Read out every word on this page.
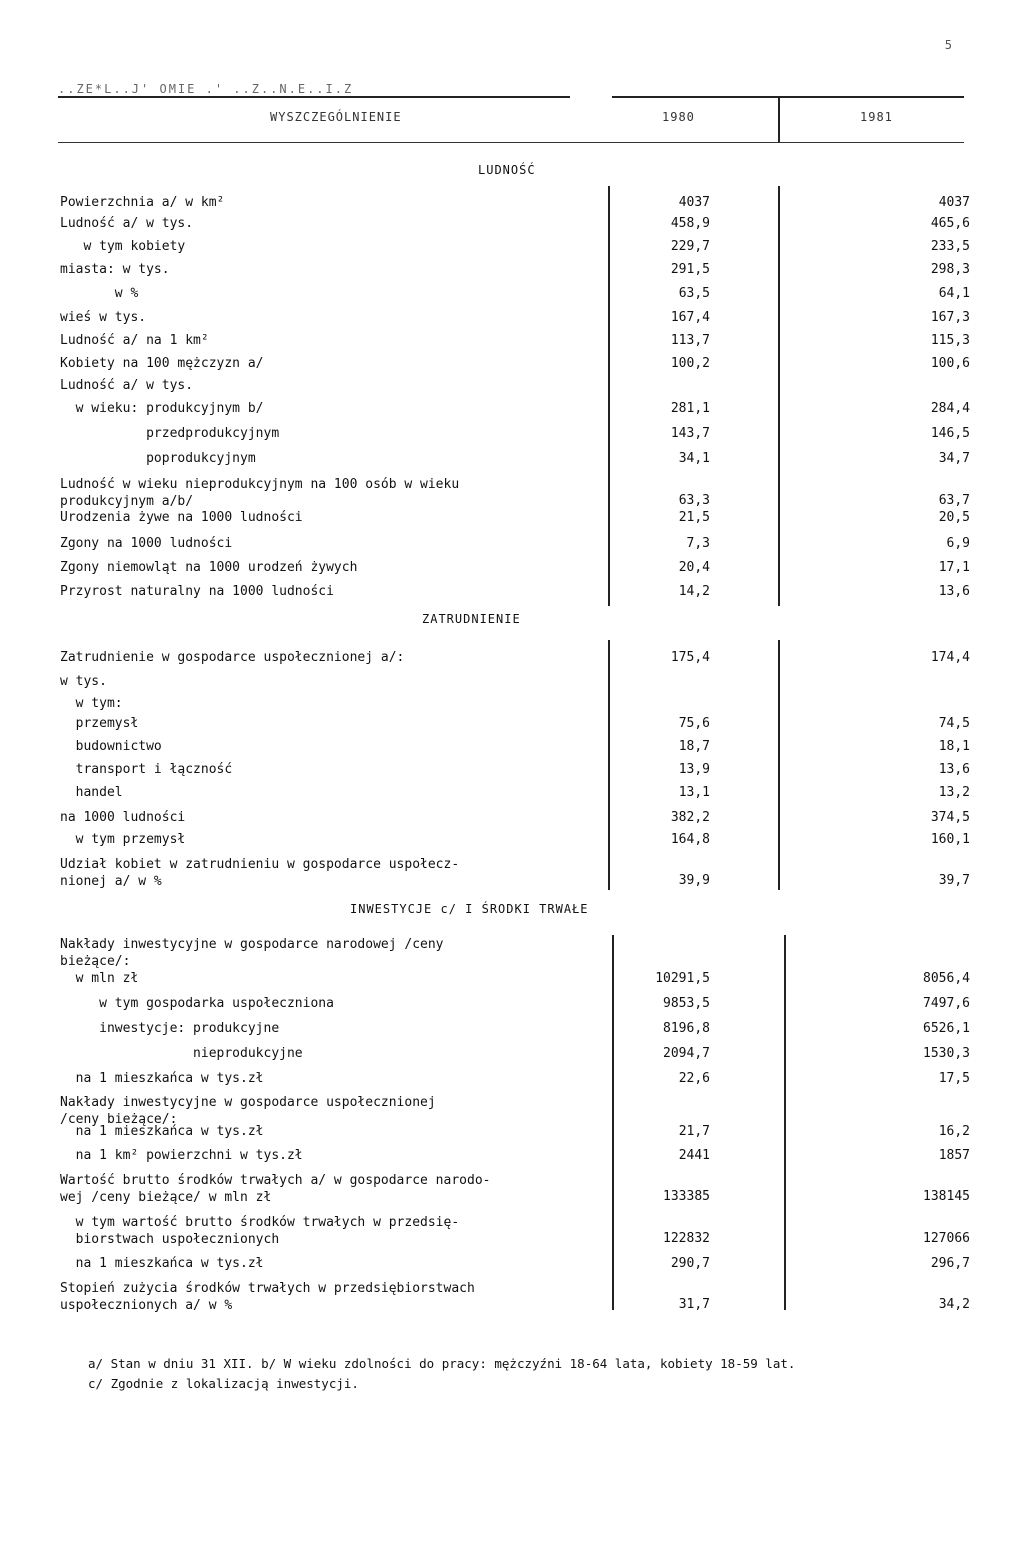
5
..ZE*L..J' OMIE .' ..Z..N.E..I.Z
WYSZCZEGÓLNIENIE	1980	1981
LUDNOŚĆ
Powierzchnia a/ w km²	4037	4037
Ludność a/ w tys.	458,9	465,6
w tym kobiety	229,7	233,5
miasta: w tys.	291,5	298,3
w %	63,5	64,1
wieś w tys.	167,4	167,3
Ludność a/ na 1 km²	113,7	115,3
Kobiety na 100 mężczyzn a/	100,2	100,6
Ludność a/ w tys.
w wieku: produkcyjnym b/	281,1	284,4
przedprodukcyjnym	143,7	146,5
poprodukcyjnym	34,1	34,7
Ludność w wieku nieprodukcyjnym na 100 osób w wieku
produkcyjnym a/b/	63,3	63,7
Urodzenia żywe na 1000 ludności	21,5	20,5
Zgony na 1000 ludności	7,3	6,9
Zgony niemowląt na 1000 urodzeń żywych	20,4	17,1
Przyrost naturalny na 1000 ludności	14,2	13,6
ZATRUDNIENIE
Zatrudnienie w gospodarce uspołecznionej a/:	175,4	174,4
w tys.
w tym:
przemysł	75,6	74,5
budownictwo	18,7	18,1
transport i łączność	13,9	13,6
handel	13,1	13,2
na 1000 ludności	382,2	374,5
w tym przemysł	164,8	160,1
Udział kobiet w zatrudnieniu w gospodarce uspołecz-
nionej a/ w %	39,9	39,7
INWESTYCJE c/ I ŚRODKI TRWAŁE
Nakłady inwestycyjne w gospodarce narodowej /ceny
bieżące/:
w mln zł	10291,5	8056,4
w tym gospodarka uspołeczniona	9853,5	7497,6
inwestycje: produkcyjne	8196,8	6526,1
nieprodukcyjne	2094,7	1530,3
na 1 mieszkańca w tys.zł	22,6	17,5
Nakłady inwestycyjne w gospodarce uspołecznionej
/ceny bieżące/:
na 1 mieszkańca w tys.zł	21,7	16,2
na 1 km² powierzchni w tys.zł	2441	1857
Wartość brutto środków trwałych a/ w gospodarce narodo-
wej /ceny bieżące/ w mln zł	133385	138145
w tym wartość brutto środków trwałych w przedsię-
biorstwach uspołecznionych	122832	127066
na 1 mieszkańca w tys.zł	290,7	296,7
Stopień zużycia środków trwałych w przedsiębiorstwach
uspołecznionych a/ w %	31,7	34,2
a/ Stan w dniu 31 XII. b/ W wieku zdolności do pracy: mężczyźni 18-64 lata, kobiety 18-59 lat.
c/ Zgodnie z lokalizacją inwestycji.
